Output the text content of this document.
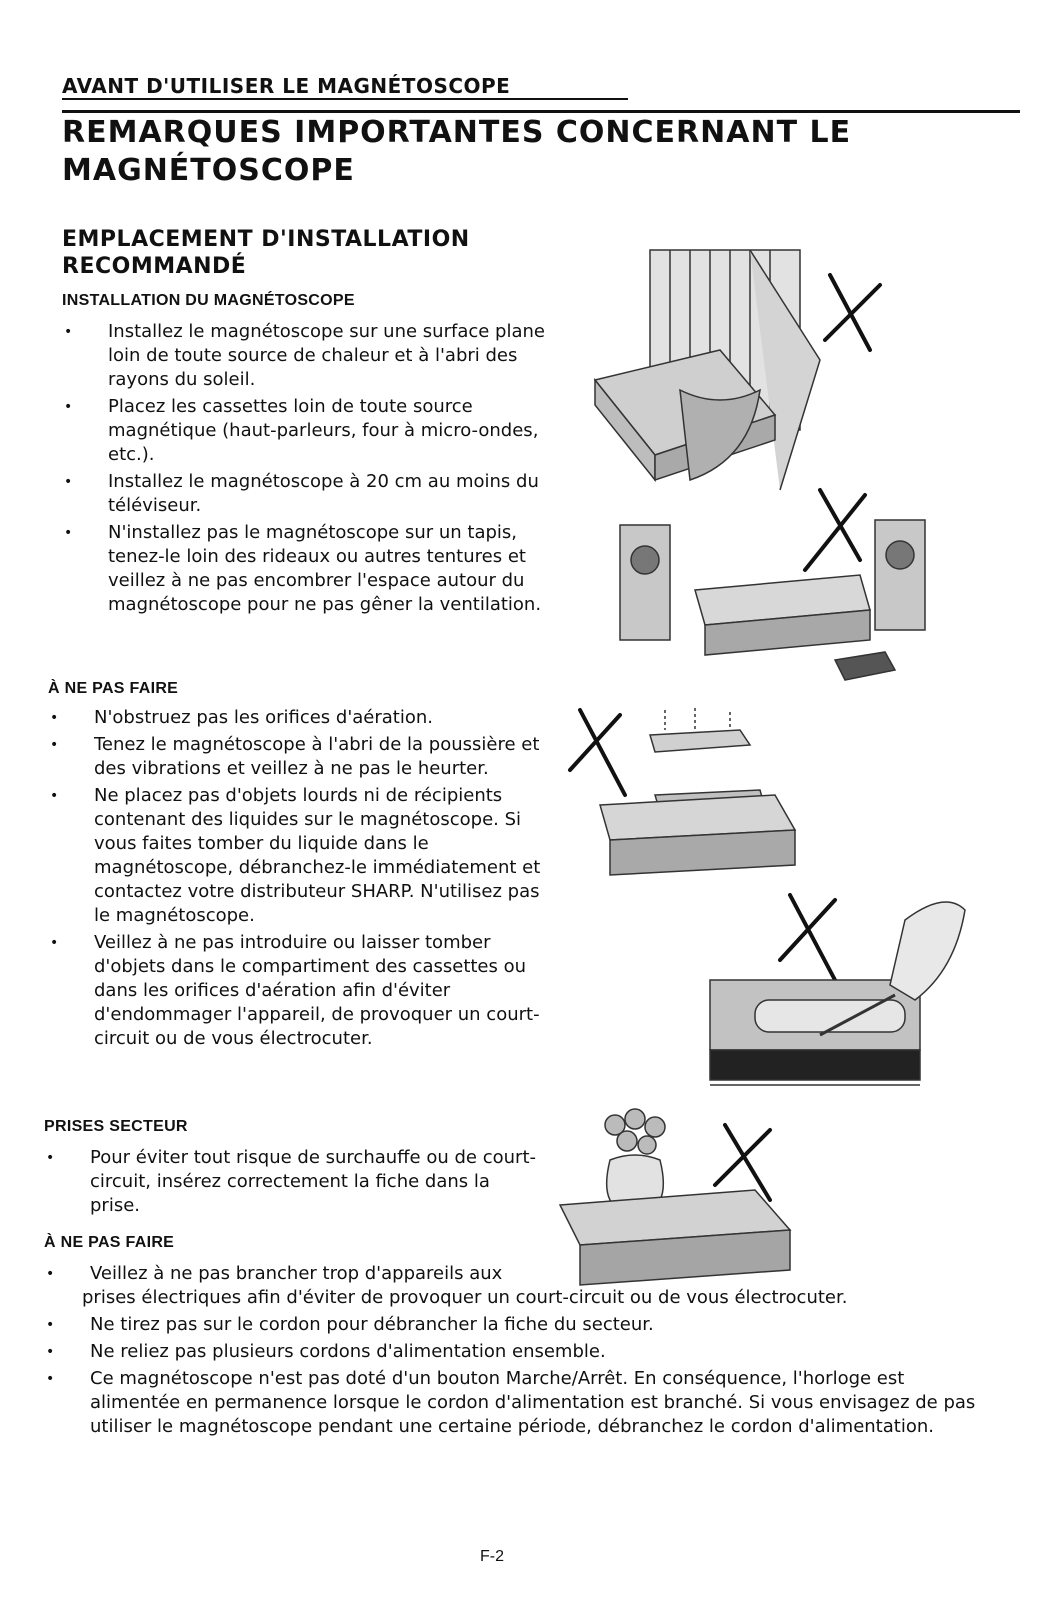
AVANT D'UTILISER LE MAGNÉTOSCOPE
REMARQUES IMPORTANTES CONCERNANT LE
MAGNÉTOSCOPE
EMPLACEMENT D'INSTALLATION
RECOMMANDÉ
INSTALLATION DU MAGNÉTOSCOPE
• Installez le magnétoscope sur une surface plane loin de toute source de chaleur et à l'abri des rayons du soleil.
• Placez les cassettes loin de toute source magnétique (haut-parleurs, four à micro-ondes, etc.).
• Installez le magnétoscope à 20 cm au moins du téléviseur.
• N'installez pas le magnétoscope sur un tapis, tenez-le loin des rideaux ou autres tentures et veillez à ne pas encombrer l'espace autour du magnétoscope pour ne pas gêner la ventilation.
À NE PAS FAIRE
• N'obstruez pas les orifices d'aération.
• Tenez le magnétoscope à l'abri de la poussière et des vibrations et veillez à ne pas le heurter.
• Ne placez pas d'objets lourds ni de récipients contenant des liquides sur le magnétoscope. Si vous faites tomber du liquide dans le magnétoscope, débranchez-le immédiatement et contactez votre distributeur SHARP. N'utilisez pas le magnétoscope.
• Veillez à ne pas introduire ou laisser tomber d'objets dans le compartiment des cassettes ou dans les orifices d'aération afin d'éviter d'endommager l'appareil, de provoquer un court-circuit ou de vous électrocuter.
PRISES SECTEUR
• Pour éviter tout risque de surchauffe ou de court-circuit, insérez correctement la fiche dans la prise.
À NE PAS FAIRE
• Veillez à ne pas brancher trop d'appareils aux
prises électriques afin d'éviter de provoquer un court-circuit ou de vous électrocuter.
• Ne tirez pas sur le cordon pour débrancher la fiche du secteur.
• Ne reliez pas plusieurs cordons d'alimentation ensemble.
• Ce magnétoscope n'est pas doté d'un bouton Marche/Arrêt. En conséquence, l'horloge est alimentée en permanence lorsque le cordon d'alimentation est branché. Si vous envisagez de pas utiliser le magnétoscope pendant une certaine période, débranchez le cordon d'alimentation.
F-2
